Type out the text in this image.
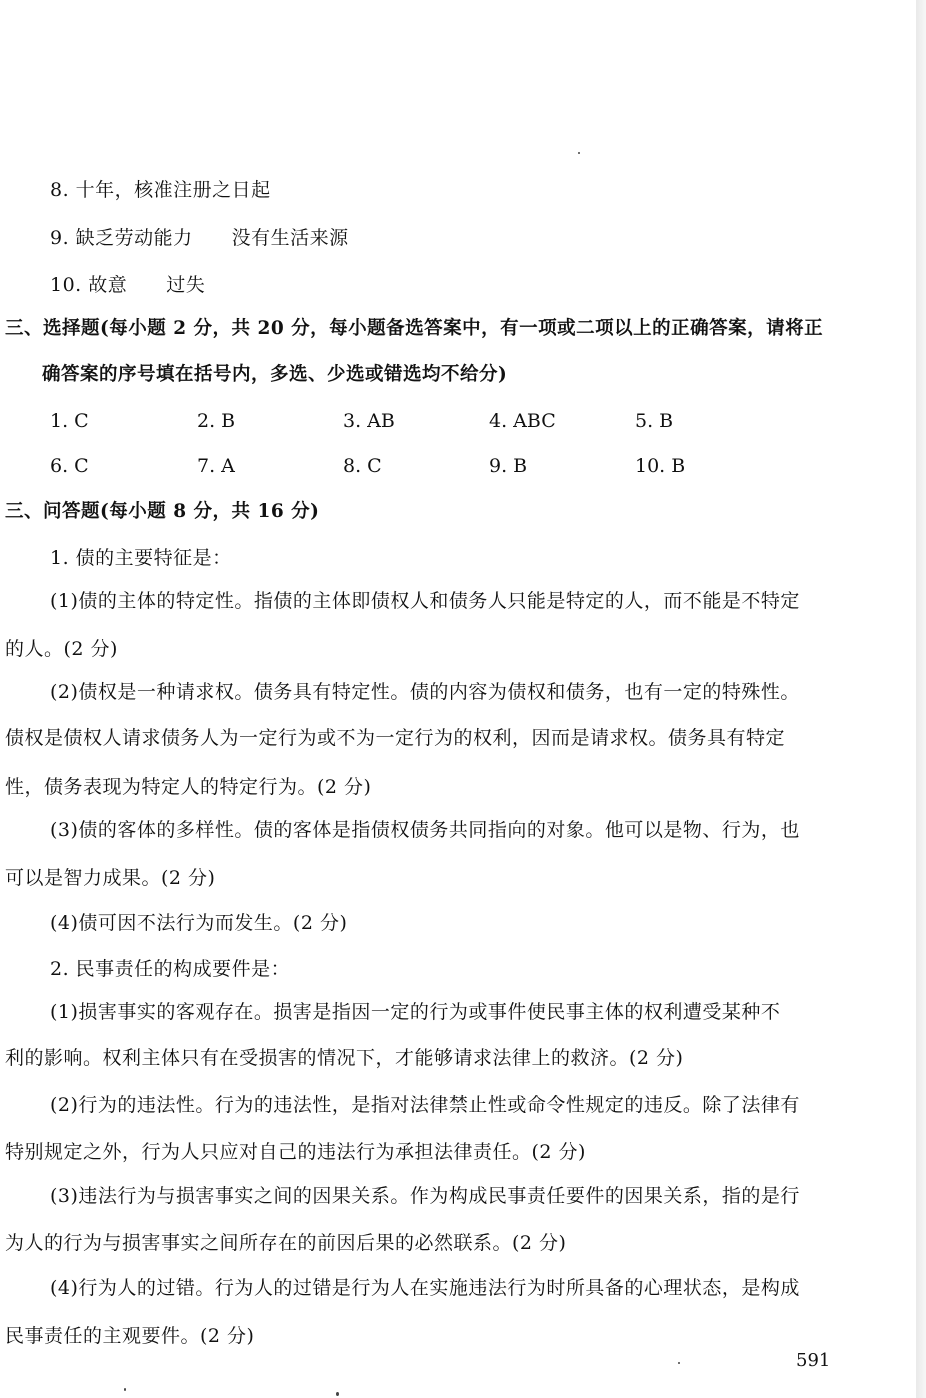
8. 十年，核准注册之日起
9. 缺乏劳动能力　　没有生活来源
10. 故意　　过失
三、选择题(每小题 2 分，共 20 分，每小题备选答案中，有一项或二项以上的正确答案，请将正
确答案的序号填在括号内，多选、少选或错选均不给分)
1. C	2. B	3. AB	4. ABC	5. B
6. C	7. A	8. C	9. B	10. B
三、问答题(每小题 8 分，共 16 分)
1. 债的主要特征是：
(1)债的主体的特定性。指债的主体即债权人和债务人只能是特定的人，而不能是不特定
的人。(2 分)
(2)债权是一种请求权。债务具有特定性。债的内容为债权和债务，也有一定的特殊性。
债权是债权人请求债务人为一定行为或不为一定行为的权利，因而是请求权。债务具有特定
性，债务表现为特定人的特定行为。(2 分)
(3)债的客体的多样性。债的客体是指债权债务共同指向的对象。他可以是物、行为，也
可以是智力成果。(2 分)
(4)债可因不法行为而发生。(2 分)
2. 民事责任的构成要件是：
(1)损害事实的客观存在。损害是指因一定的行为或事件使民事主体的权利遭受某种不
利的影响。权利主体只有在受损害的情况下，才能够请求法律上的救济。(2 分)
(2)行为的违法性。行为的违法性，是指对法律禁止性或命令性规定的违反。除了法律有
特别规定之外，行为人只应对自己的违法行为承担法律责任。(2 分)
(3)违法行为与损害事实之间的因果关系。作为构成民事责任要件的因果关系，指的是行
为人的行为与损害事实之间所存在的前因后果的必然联系。(2 分)
(4)行为人的过错。行为人的过错是行为人在实施违法行为时所具备的心理状态，是构成
民事责任的主观要件。(2 分)
591
